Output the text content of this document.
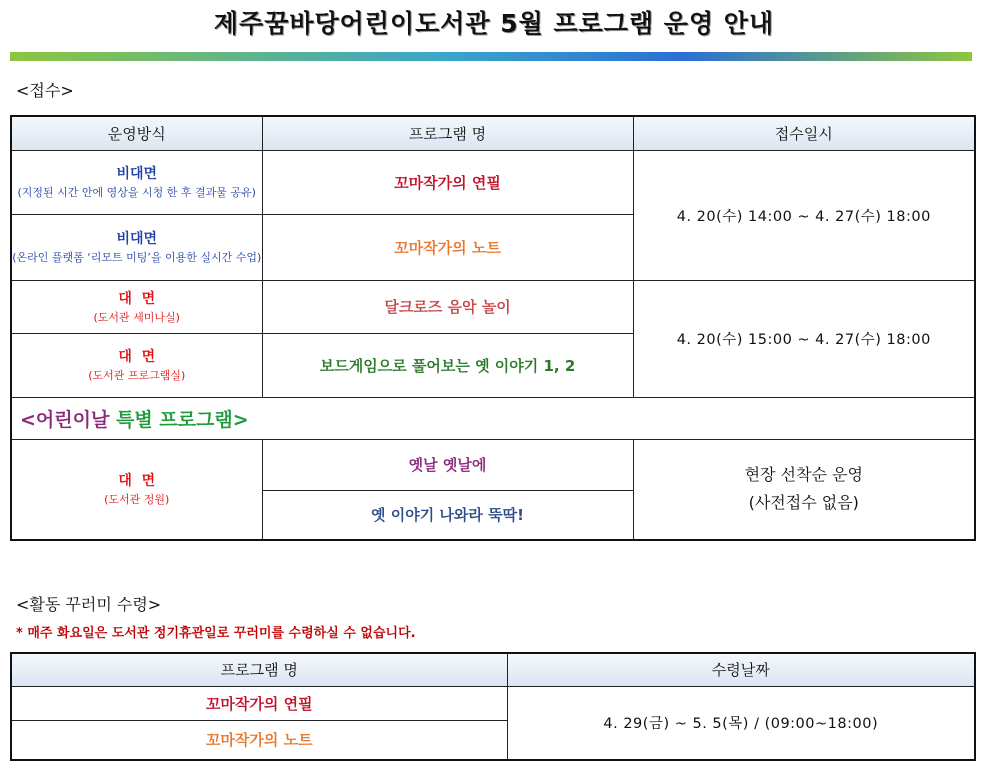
제주꿈바당어린이도서관 5월 프로그램 운영 안내
<접수>
운영방식	프로그램 명	접수일시
비대면
(지정된 시간 안에 영상을 시청 한 후 결과물 공유)	꼬마작가의 연필	4. 20(수) 14:00 ~ 4. 27(수) 18:00
비대면
(온라인 플랫폼 ‘리모트 미팅’을 이용한 실시간 수업)	꼬마작가의 노트	
대  면
(도서관 세미나실)	달크로즈 음악 놀이	4. 20(수) 15:00 ~ 4. 27(수) 18:00
대  면
(도서관 프로그램실)	보드게임으로 풀어보는 옛 이야기 1, 2	
<어린이날 특별 프로그램>		
대  면
(도서관 정원)	옛날 옛날에	현장 선착순 운영
(사전접수 없음)

	옛 이야기 나와라 뚝딱!	
<활동 꾸러미 수령>
* 매주 화요일은 도서관 정기휴관일로 꾸러미를 수령하실 수 없습니다.
프로그램 명	수령날짜
꼬마작가의 연필	4. 29(금) ~ 5. 5(목) / (09:00~18:00)
꼬마작가의 노트	
